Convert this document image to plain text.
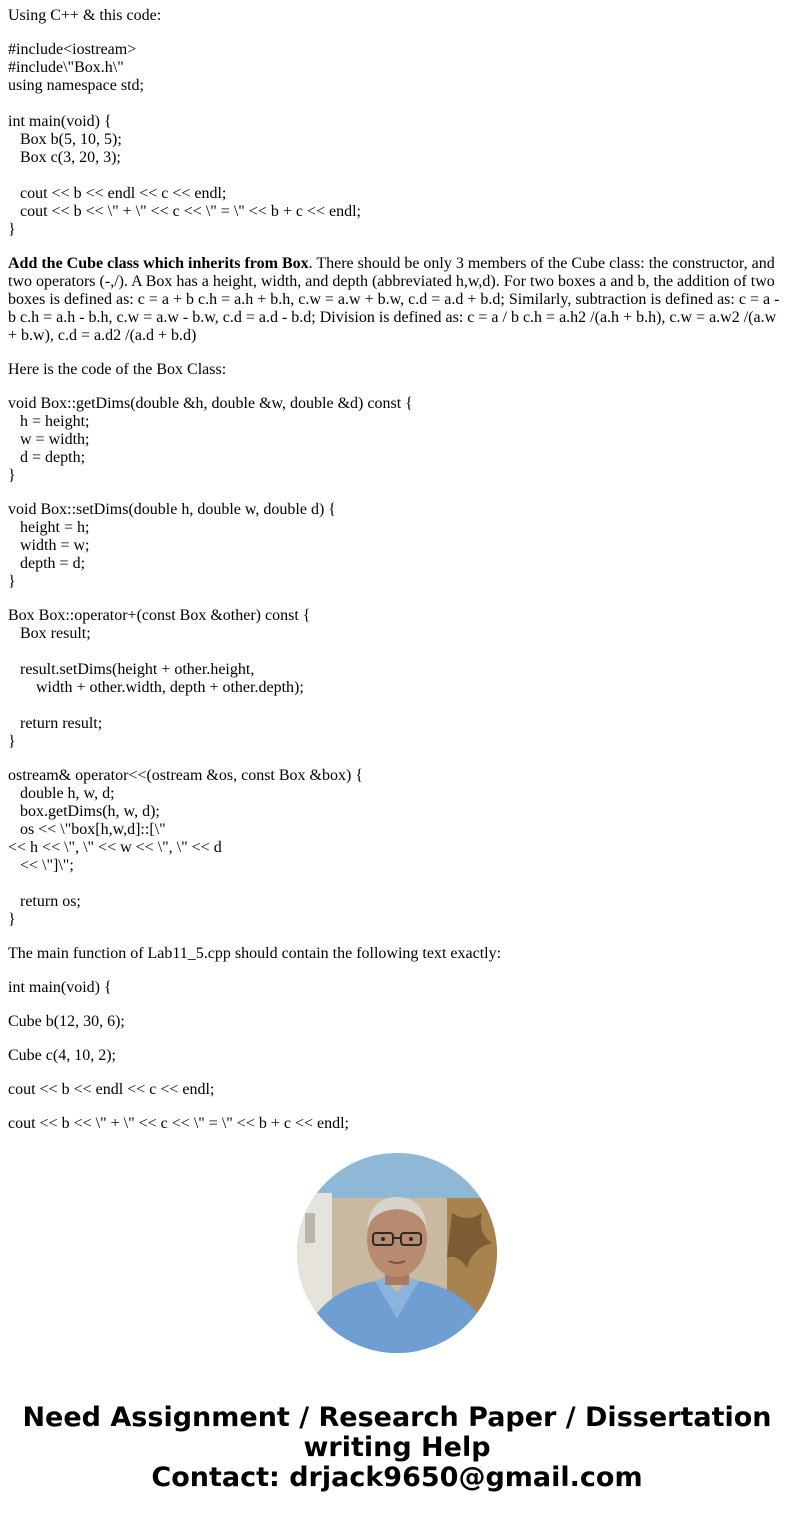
Using C++ & this code:

#include<iostream>
#include\"Box.h\"
using namespace std;

int main(void) {
Box b(5, 10, 5);
Box c(3, 20, 3);

cout << b << endl << c << endl;
cout << b << \" + \" << c << \" = \" << b + c << endl;
}

Add the Cube class which inherits from Box. There should be only 3 members of the Cube class: the constructor, and two operators (-,/). A Box has a height, width, and depth (abbreviated h,w,d). For two boxes a and b, the addition of two boxes is defined as: c = a + b c.h = a.h + b.h, c.w = a.w + b.w, c.d = a.d + b.d; Similarly, subtraction is defined as: c = a - b c.h = a.h - b.h, c.w = a.w - b.w, c.d = a.d - b.d; Division is defined as: c = a / b c.h = a.h2 /(a.h + b.h), c.w = a.w2 /(a.w + b.w), c.d = a.d2 /(a.d + b.d)

Here is the code of the Box Class:

void Box::getDims(double &h, double &w, double &d) const {
h = height;
w = width;
d = depth;
}
void Box::setDims(double h, double w, double d) {
height = h;
width = w;
depth = d;
}
Box Box::operator+(const Box &other) const {
Box result;

result.setDims(height + other.height,
width + other.width, depth + other.depth);

return result;
}
ostream& operator<<(ostream &os, const Box &box) {
double h, w, d;
box.getDims(h, w, d);
os << \"box[h,w,d]::[\"
<< h << \", \" << w << \", \" << d
<< \"]\";

return os;
}

The main function of Lab11_5.cpp should contain the following text exactly:

int main(void) {

Cube b(12, 30, 6);

Cube c(4, 10, 2);

cout << b << endl << c << endl;

cout << b << \" + \" << c << \" = \" << b + c << endl;

Need Assignment / Research Paper / Dissertation
writing Help
Contact: drjack9650@gmail.com
